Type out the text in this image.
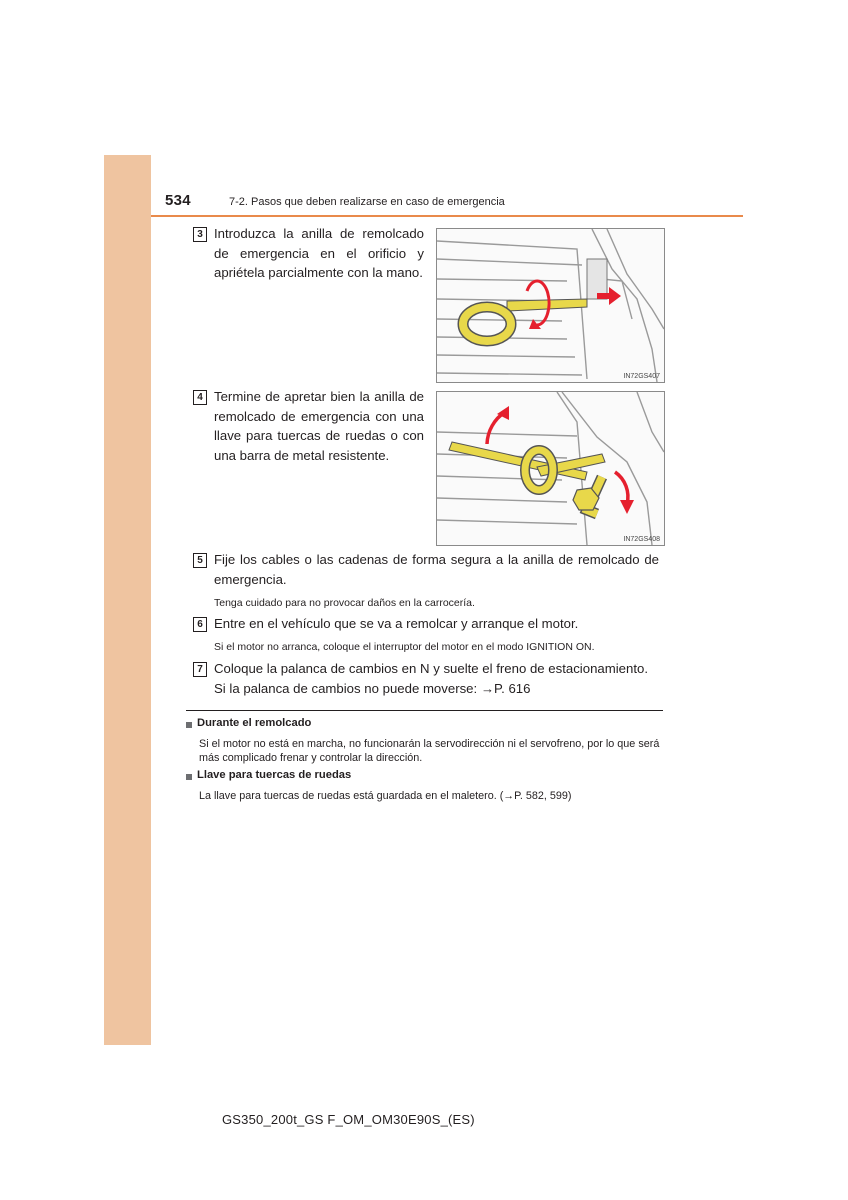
534	7-2. Pasos que deben realizarse en caso de emergencia
3 Introduzca la anilla de remolcado de emergencia en el orificio y apriétela parcialmente con la mano.
IN72GS407
4 Termine de apretar bien la anilla de remolcado de emergencia con una llave para tuercas de ruedas o con una barra de metal resistente.
IN72GS408
5 Fije los cables o las cadenas de forma segura a la anilla de remolcado de emergencia.
Tenga cuidado para no provocar daños en la carrocería.
6 Entre en el vehículo que se va a remolcar y arranque el motor.
Si el motor no arranca, coloque el interruptor del motor en el modo IGNITION ON.
7 Coloque la palanca de cambios en N y suelte el freno de estacionamiento.
Si la palanca de cambios no puede moverse: →P. 616
Durante el remolcado
Si el motor no está en marcha, no funcionarán la servodirección ni el servofreno, por lo que será más complicado frenar y controlar la dirección.
Llave para tuercas de ruedas
La llave para tuercas de ruedas está guardada en el maletero. (→P. 582, 599)
GS350_200t_GS F_OM_OM30E90S_(ES)
